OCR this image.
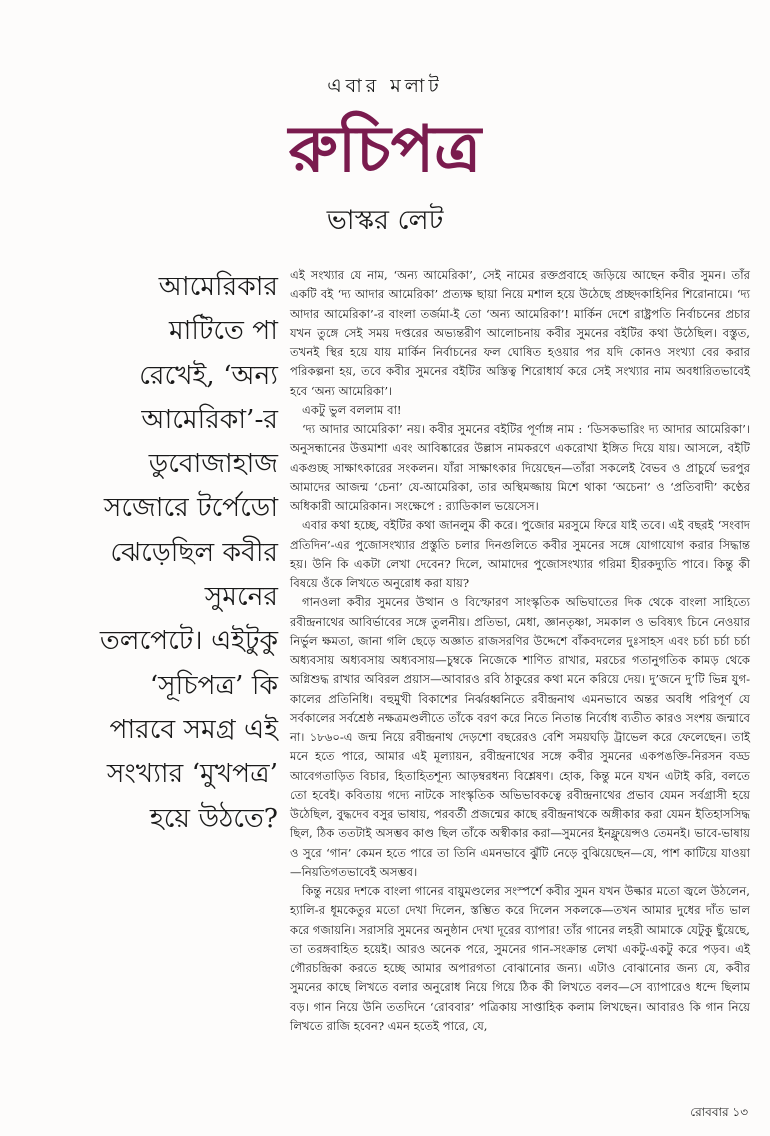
এবার মলাট
রুচিপত্র
ভাস্কর লেট
আমেরিকার
মাটিতে পা
রেখেই, ‘অন্য
আমেরিকা’-র
ডুবোজাহাজ
সজোরে টর্পেডো
ঝেড়েছিল কবীর
সুমনের
তলপেটে। এইটুকু
‘সূচিপত্র’ কি
পারবে সমগ্র এই
সংখ্যার ‘মুখপত্র’
হয়ে উঠতে?

এই সংখ্যার যে নাম, ‘অন্য আমেরিকা’, সেই নামের রক্তপ্রবাহে জড়িয়ে আছেন কবীর সুমন। তাঁর একটি বই ‘দ্য আদার আমেরিকা’ প্রত্যক্ষ ছায়া নিয়ে মশাল হয়ে উঠেছে প্রচ্ছদকাহিনির শিরোনামে। ‘দ্য আদার আমেরিকা’-র বাংলা তর্জমা-ই তো ‘অন্য আমেরিকা’! মার্কিন দেশে রাষ্ট্রপতি নির্বাচনের প্রচার যখন তুঙ্গে সেই সময় দপ্তরের অভ্যন্তরীণ আলোচনায় কবীর সুমনের বইটির কথা উঠেছিল। বস্তুত, তখনই স্থির হয়ে যায় মার্কিন নির্বাচনের ফল ঘোষিত হওয়ার পর যদি কোনও সংখ্যা বের করার পরিকল্পনা হয়, তবে কবীর সুমনের বইটির অস্তিত্ব শিরোধার্য করে সেই সংখ্যার নাম অবধারিতভাবেই হবে ‘অন্য আমেরিকা’।

একটু ভুল বললাম বা!

‘দ্য আদার আমেরিকা’ নয়। কবীর সুমনের বইটির পূর্ণাঙ্গ নাম : ‘ডিসকভারিং দ্য আদার আমেরিকা’। অনুসন্ধানের উত্তমাশা এবং আবিষ্কারের উল্লাস নামকরণে একরোখা ইঙ্গিত দিয়ে যায়। আসলে, বইটি একগুচ্ছ সাক্ষাৎকারের সংকলন। যাঁরা সাক্ষাৎকার দিয়েছেন—তাঁরা সকলেই বৈভব ও প্রাচুর্যে ভরপুর আমাদের আজন্ম ‘চেনা’ যে-আমেরিকা, তার অস্থিমজ্জায় মিশে থাকা ‘অচেনা’ ও ‘প্রতিবাদী’ কণ্ঠের অধিকারী আমেরিকান। সংক্ষেপে : র‍্যাডিকাল ভয়েসেস।

এবার কথা হচ্ছে, বইটির কথা জানলুম কী করে। পুজোর মরসুমে ফিরে যাই তবে। এই বছরই ‘সংবাদ প্রতিদিন’-এর পুজোসংখ্যার প্রস্তুতি চলার দিনগুলিতে কবীর সুমনের সঙ্গে যোগাযোগ করার সিদ্ধান্ত হয়। উনি কি একটা লেখা দেবেন? দিলে, আমাদের পুজোসংখ্যার গরিমা হীরকদ্যুতি পাবে। কিন্তু কী বিষয়ে ওঁকে লিখতে অনুরোধ করা যায়?

গানওলা কবীর সুমনের উত্থান ও বিস্ফোরণ সাংস্কৃতিক অভিঘাতের দিক থেকে বাংলা সাহিত্যে রবীন্দ্রনাথের আবির্ভাবের সঙ্গে তুলনীয়। প্রতিভা, মেধা, জ্ঞানতৃষ্ণা, সমকাল ও ভবিষ্যৎ চিনে নেওয়ার নির্ভুল ক্ষমতা, জানা গলি ছেড়ে অজ্ঞাত রাজসরণির উদ্দেশে বাঁকবদলের দুঃসাহস এবং চর্চা চর্চা চর্চা অধ্যবসায় অধ্যবসায় অধ্যবসায়—চুম্বকে নিজেকে শাণিত রাখার, মরচের গতানুগতিক কামড় থেকে অগ্নিশুদ্ধ রাখার অবিরল প্রয়াস—আবারও রবি ঠাকুরের কথা মনে করিয়ে দেয়। দু’জনে দু’টি ভিন্ন যুগ-কালের প্রতিনিধি। বহুমুখী বিকাশের নির্ঝরধ্বনিতে রবীন্দ্রনাথ এমনভাবে অন্তর অবধি পরিপূর্ণ যে সর্বকালের সর্বশ্রেষ্ঠ নক্ষত্রমণ্ডলীতে তাঁকে বরণ করে নিতে নিতান্ত নির্বোধ ব্যতীত কারও সংশয় জন্মাবে না। ১৮৬০-এ জন্ম নিয়ে রবীন্দ্রনাথ দেড়শো বছরেরও বেশি সময়ঘড়ি ট্রাভেল করে ফেলেছেন। তাই মনে হতে পারে, আমার এই মূল্যায়ন, রবীন্দ্রনাথের সঙ্গে কবীর সুমনের একপঙক্তি-নিরসন বড্ড আবেগতাড়িত বিচার, হিতাহিতশূন্য আড়ম্বরধন্য বিশ্লেষণ। হোক, কিন্তু মনে যখন এটাই করি, বলতে তো হবেই। কবিতায় গদ্যে নাটকে সাংস্কৃতিক অভিভাবকত্বে রবীন্দ্রনাথের প্রভাব যেমন সর্বগ্রাসী হয়ে উঠেছিল, বুদ্ধদেব বসুর ভাষায়, পরবর্তী প্রজন্মের কাছে রবীন্দ্রনাথকে অঙ্গীকার করা যেমন ইতিহাসসিদ্ধ ছিল, ঠিক ততটাই অসম্ভব কাণ্ড ছিল তাঁকে অস্বীকার করা—সুমনের ইনফ্লুয়েন্সও তেমনই। ভাবে-ভাষায় ও সুরে ‘গান’ কেমন হতে পারে তা তিনি এমনভাবে ঝুঁটি নেড়ে বুঝিয়েছেন—যে, পাশ কাটিয়ে যাওয়া—নিয়তিগতভাবেই অসম্ভব।

কিন্তু নয়ের দশকে বাংলা গানের বায়ুমণ্ডলের সংস্পর্শে কবীর সুমন যখন উল্কার মতো জ্বলে উঠলেন, হ্যালি-র ধূমকেতুর মতো দেখা দিলেন, স্তম্ভিত করে দিলেন সকলকে—তখন আমার দুধের দাঁত ভাল করে গজায়নি। সরাসরি সুমনের অনুষ্ঠান দেখা দূরের ব্যাপার! তাঁর গানের লহরী আমাকে যেটুকু ছুঁয়েছে, তা তরঙ্গবাহিত হয়েই। আরও অনেক পরে, সুমনের গান-সংক্রান্ত লেখা একটু-একটু করে পড়ব। এই গৌরচন্দ্রিকা করতে হচ্ছে আমার অপারগতা বোঝানোর জন্য। এটাও বোঝানোর জন্য যে, কবীর সুমনের কাছে লিখতে বলার অনুরোধ নিয়ে গিয়ে ঠিক কী লিখতে বলব—সে ব্যাপারেও ধন্দে ছিলাম বড়। গান নিয়ে উনি ততদিনে ‘রোববার’ পত্রিকায় সাপ্তাহিক কলাম লিখছেন। আবারও কি গান নিয়ে লিখতে রাজি হবেন? এমন হতেই পারে, যে,

রোববার ১৩
